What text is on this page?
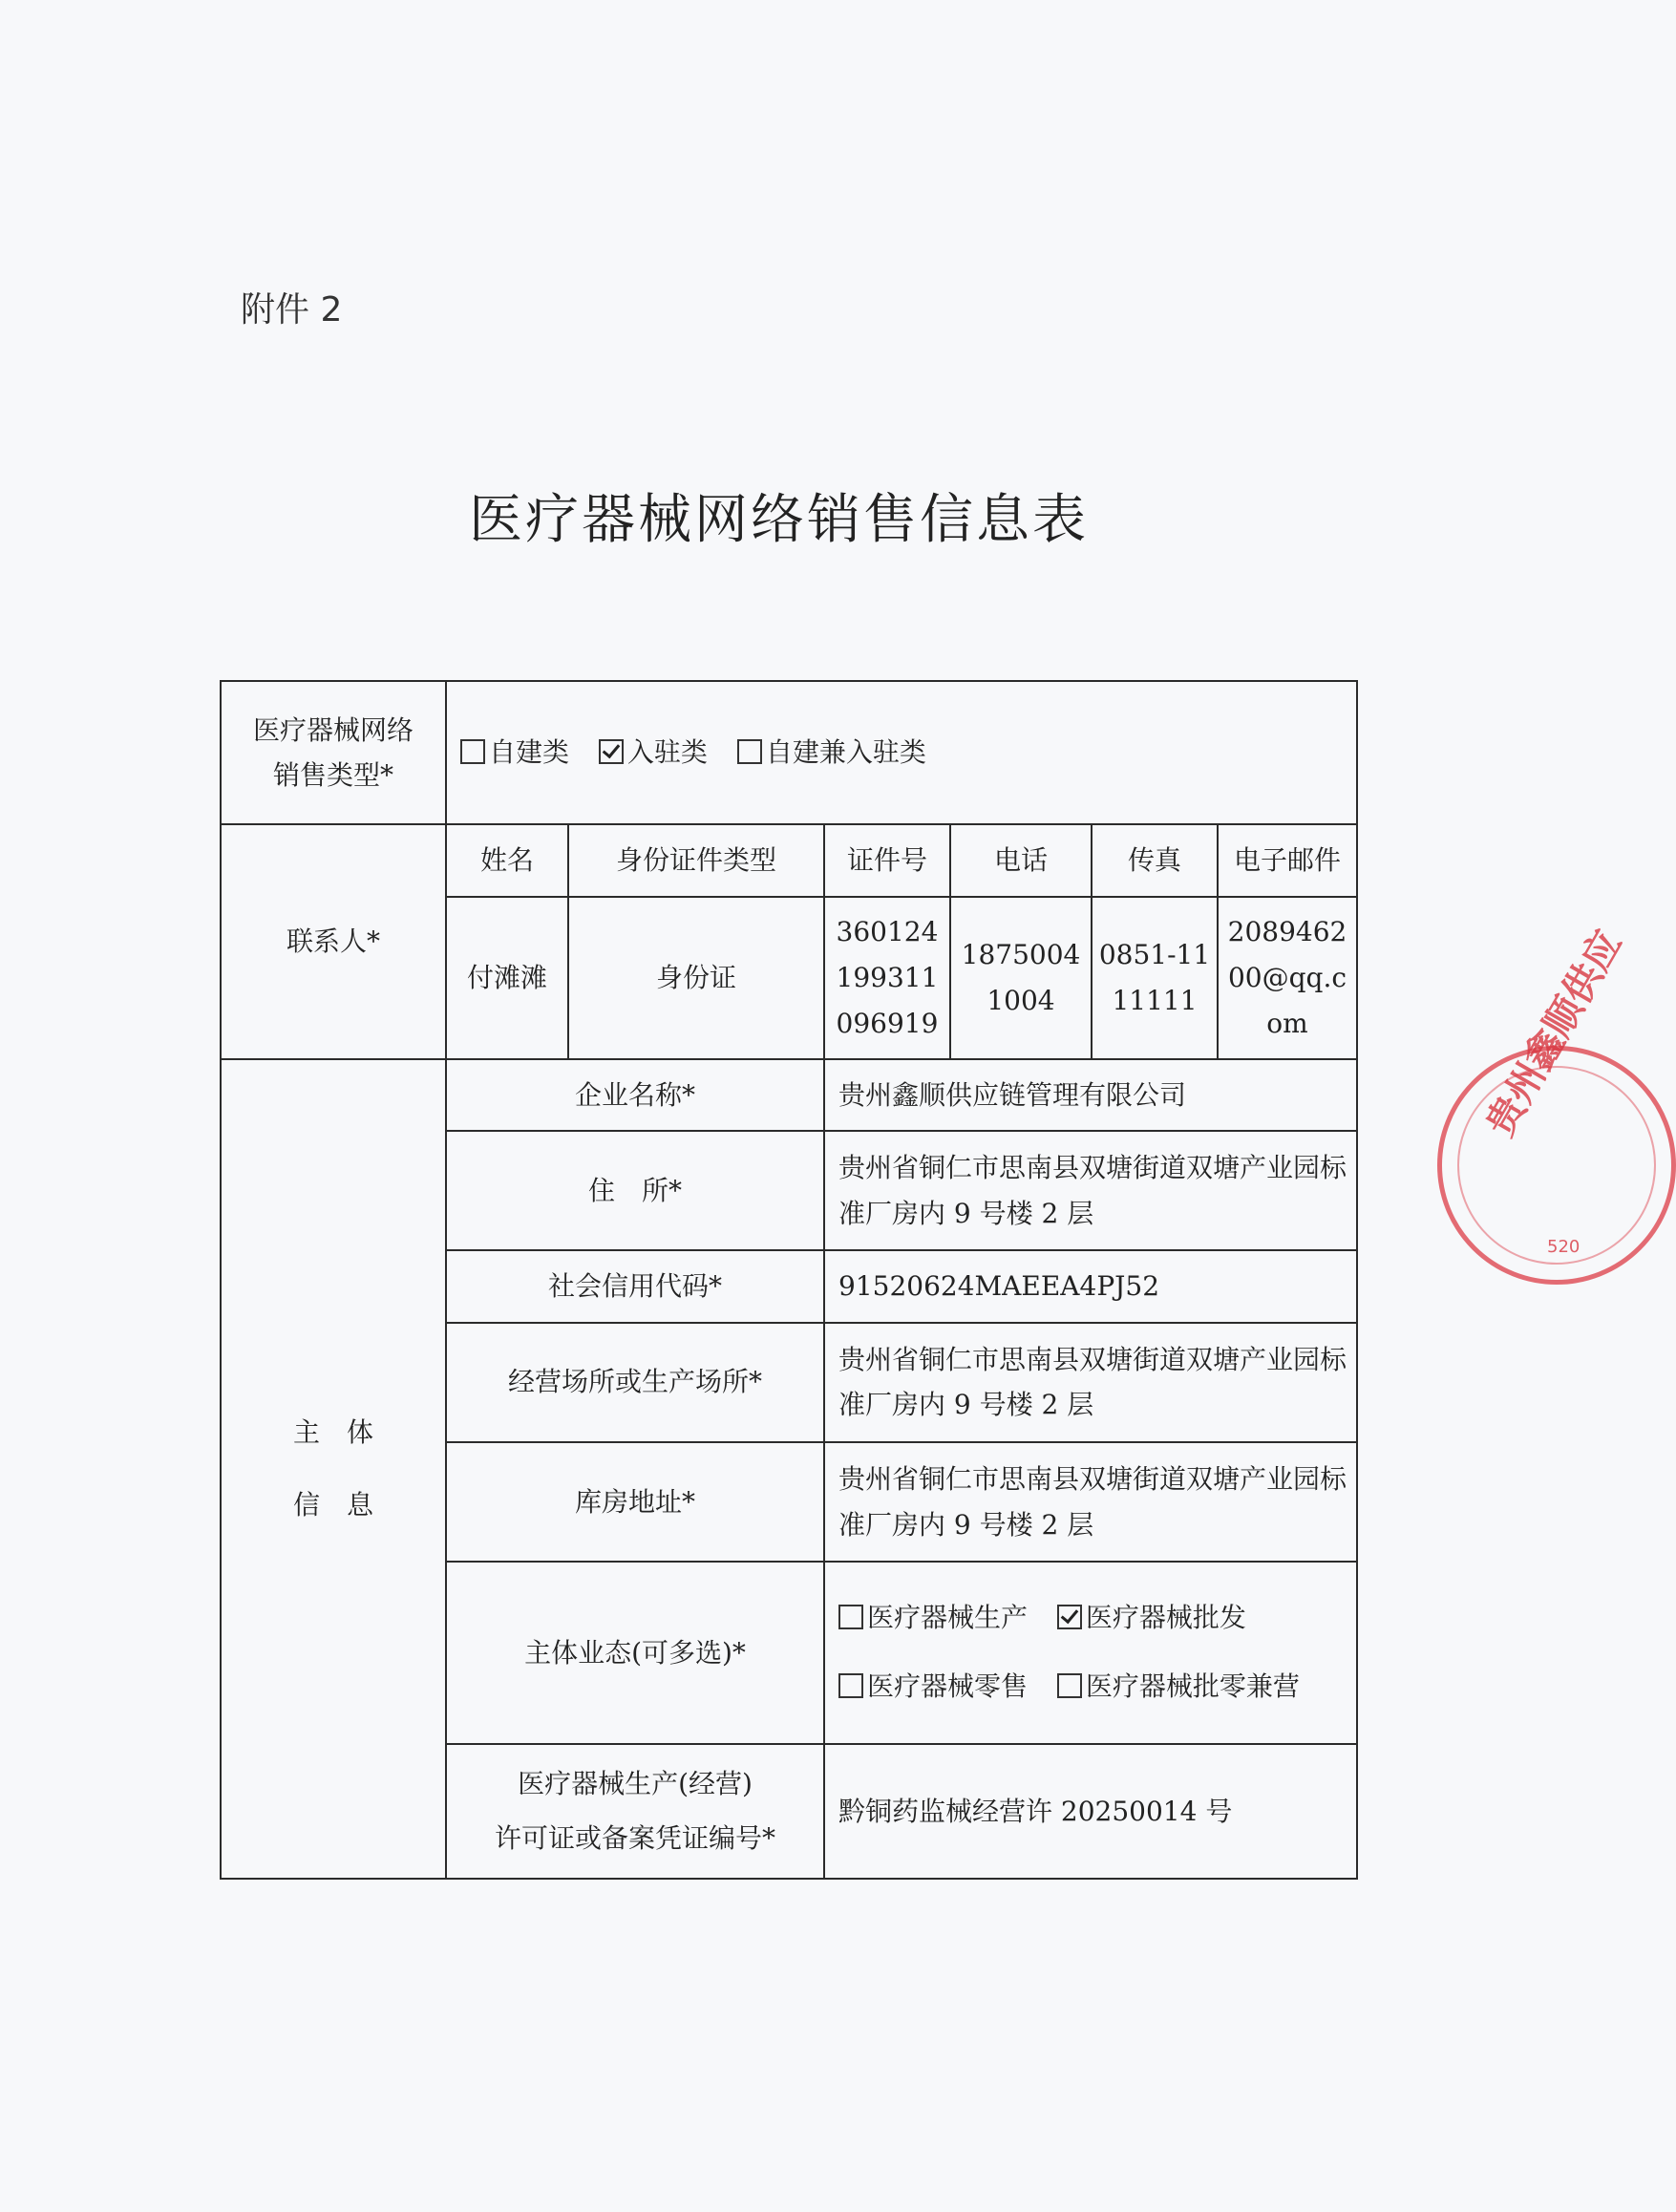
附件 2
医疗器械网络销售信息表
医疗器械网络
销售类型*	自建类 入驻类 自建兼入驻类					
联系人*	姓名	身份证件类型	证件号	电话	传真	电子邮件
	付滩滩	身份证	360124199311096919	18750041004	0851-1111111	208946200@qq.com

主　体
信　息	企业名称*		贵州鑫顺供应链管理有限公司			
	住　所*		贵州省铜仁市思南县双塘街道双塘产业园标准厂房内 9 号楼 2 层			
	社会信用代码*		91520624MAEEA4PJ52			
	经营场所或生产场所*		贵州省铜仁市思南县双塘街道双塘产业园标准厂房内 9 号楼 2 层			
	库房地址*		贵州省铜仁市思南县双塘街道双塘产业园标准厂房内 9 号楼 2 层			
	主体业态(可多选)*		医疗器械生产 医疗器械批发 医疗器械零售 医疗器械批零兼营			

	医疗器械生产(经营)
许可证或备案凭证编号*		黔铜药监械经营许 20250014 号			
贵州鑫顺供应
520
